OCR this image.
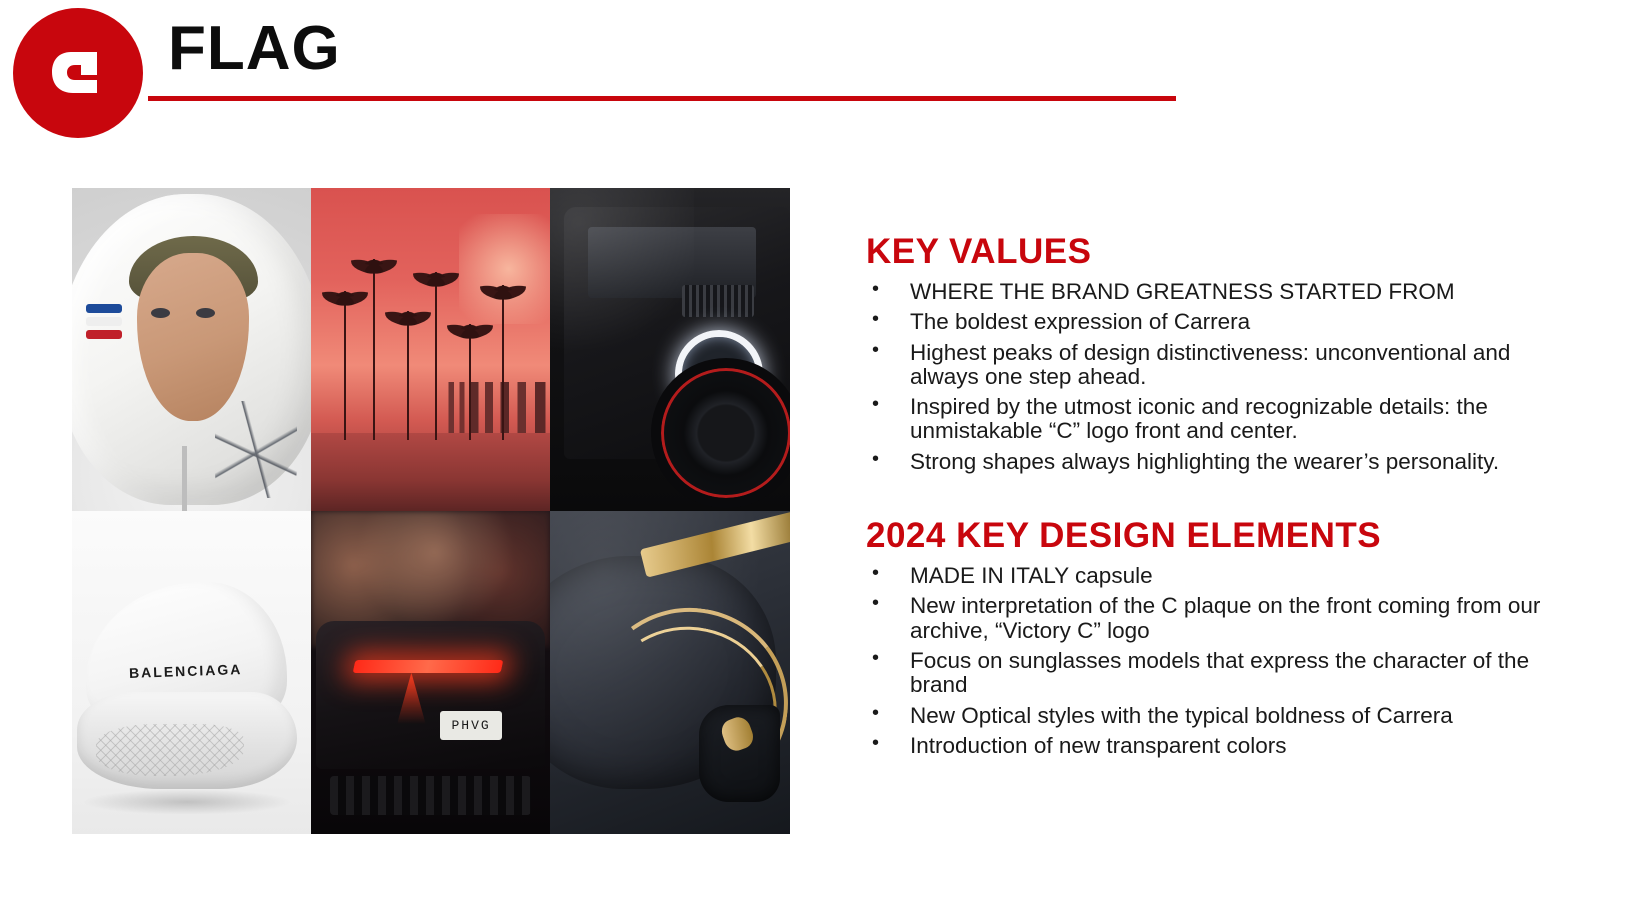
FLAG
BALENCIAGA
PHVG
KEY VALUES
• WHERE THE BRAND GREATNESS STARTED FROM
• The boldest expression of Carrera
• Highest peaks of design distinctiveness: unconventional and always one step ahead.
• Inspired by the utmost iconic and recognizable details: the unmistakable “C” logo front and center.
• Strong shapes always highlighting the wearer’s personality.
2024 KEY DESIGN ELEMENTS
• MADE IN ITALY capsule
• New interpretation of the C plaque on the front coming from our archive, “Victory C” logo
• Focus on sunglasses models that express the character of the brand
• New Optical styles with the typical boldness of Carrera
• Introduction of new transparent colors
